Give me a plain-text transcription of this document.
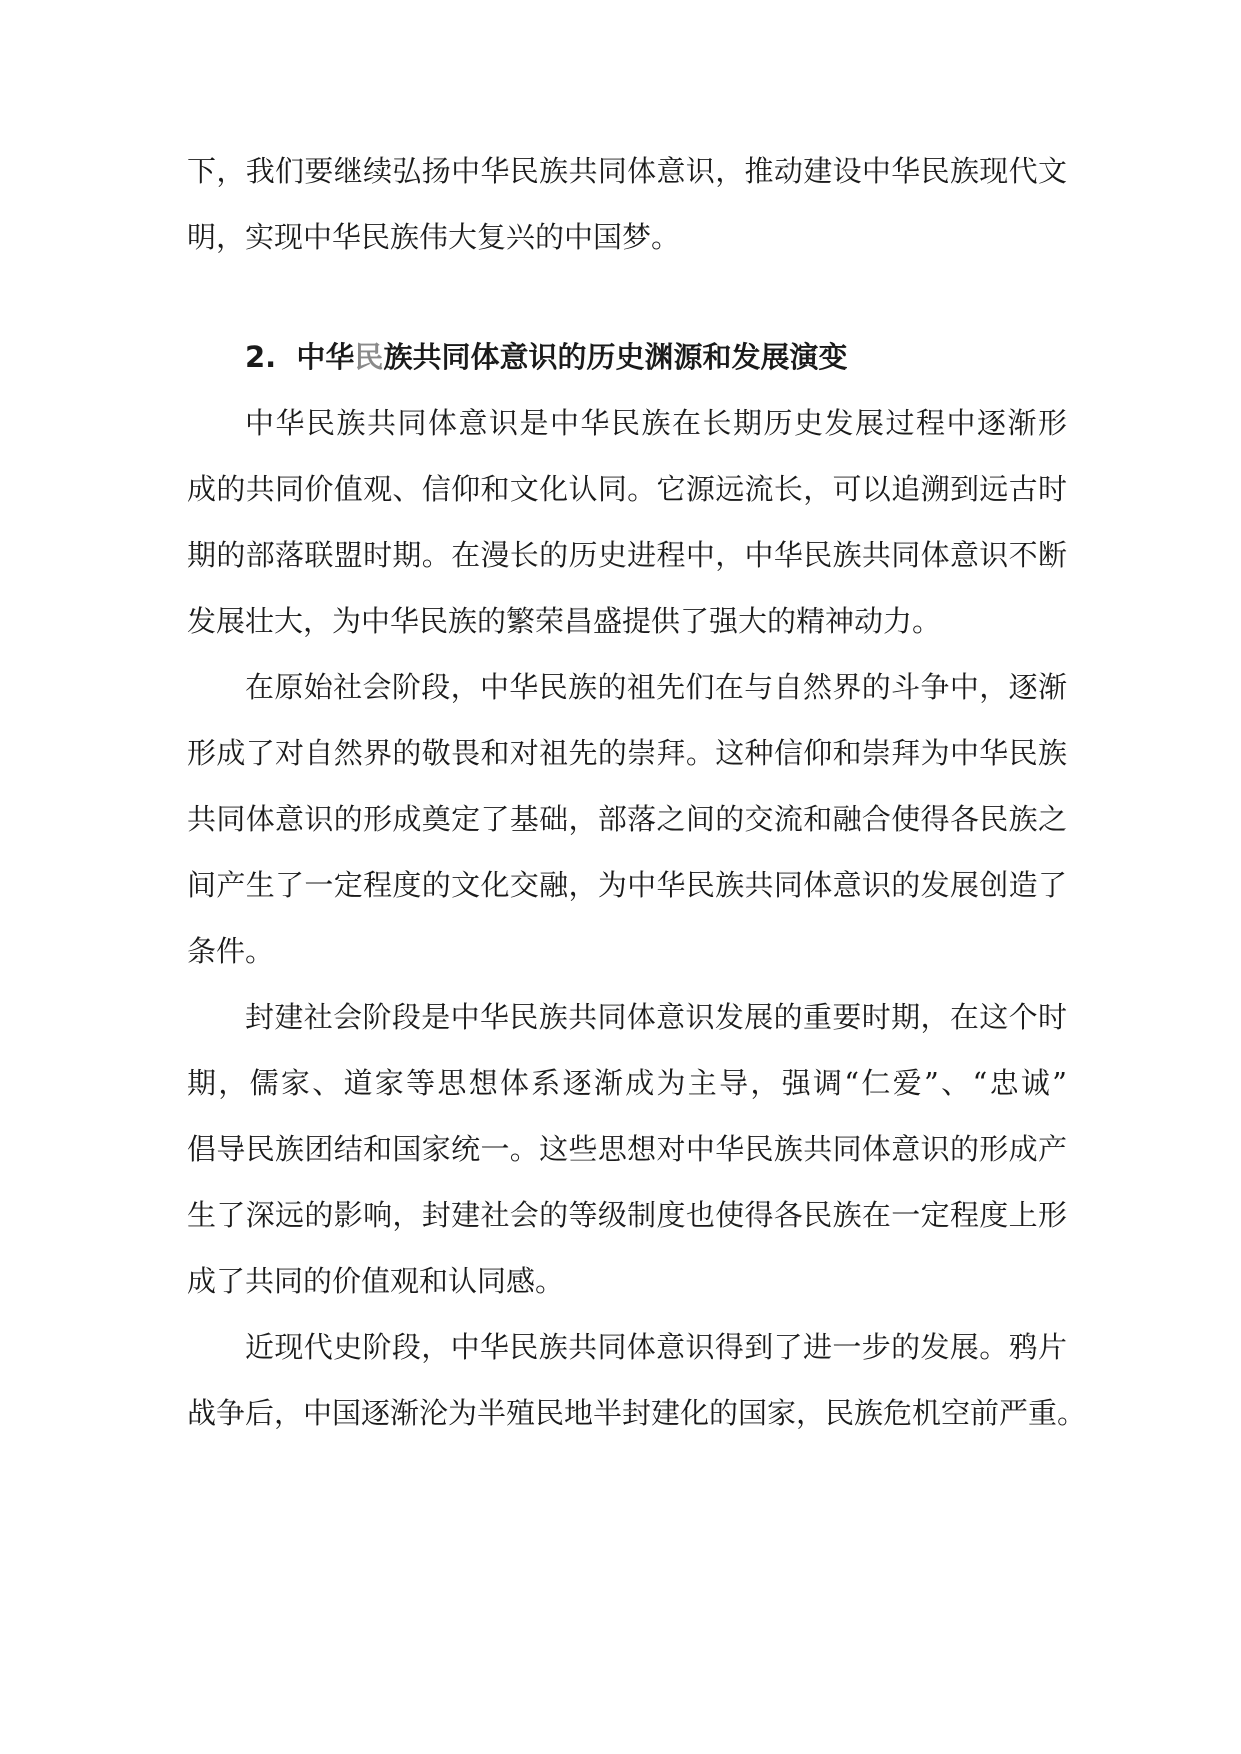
下，我们要继续弘扬中华民族共同体意识，推动建设中华民族现代文
明，实现中华民族伟大复兴的中国梦。
2. 中华民族共同体意识的历史渊源和发展演变
中华民族共同体意识是中华民族在长期历史发展过程中逐渐形
成的共同价值观、信仰和文化认同。它源远流长，可以追溯到远古时
期的部落联盟时期。在漫长的历史进程中，中华民族共同体意识不断
发展壮大，为中华民族的繁荣昌盛提供了强大的精神动力。
在原始社会阶段，中华民族的祖先们在与自然界的斗争中，逐渐
形成了对自然界的敬畏和对祖先的崇拜。这种信仰和崇拜为中华民族
共同体意识的形成奠定了基础，部落之间的交流和融合使得各民族之
间产生了一定程度的文化交融，为中华民族共同体意识的发展创造了
条件。
封建社会阶段是中华民族共同体意识发展的重要时期，在这个时
期，儒家、道家等思想体系逐渐成为主导，强调“仁爱”、“忠诚”
倡导民族团结和国家统一。这些思想对中华民族共同体意识的形成产
生了深远的影响，封建社会的等级制度也使得各民族在一定程度上形
成了共同的价值观和认同感。
近现代史阶段，中华民族共同体意识得到了进一步的发展。鸦片
战争后，中国逐渐沦为半殖民地半封建化的国家，民族危机空前严重。
